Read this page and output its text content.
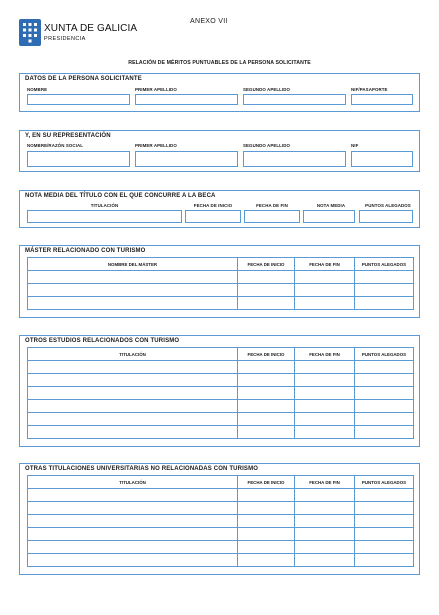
XUNTA DE GALICIA
PRESIDENCIA
ANEXO VII
RELACIÓN DE MÉRITOS PUNTUABLES DE LA PERSONA SOLICITANTE
DATOS DE LA PERSONA SOLICITANTE
NOMBRE	PRIMER APELLIDO	SEGUNDO APELLIDO	NIF/PASAPORTE
Y, EN SU REPRESENTACIÓN
NOMBRE/RAZÓN SOCIAL	PRIMER APELLIDO	SEGUNDO APELLIDO	NIF
NOTA MEDIA DEL TÍTULO CON EL QUE CONCURRE A LA BECA
TITULACIÓN	FECHA DE INICIO	FECHA DE FIN	NOTA MEDIA	PUNTOS ALEGADOS
MÁSTER RELACIONADO CON TURISMO
NOMBRE DEL MÁSTER	FECHA DE INICIO	FECHA DE FIN	PUNTOS ALEGADOS

OTROS ESTUDIOS RELACIONADOS CON TURISMO
TITULACIÓN	FECHA DE INICIO	FECHA DE FIN	PUNTOS ALEGADOS

OTRAS TITULACIONES UNIVERSITARIAS NO RELACIONADAS CON TURISMO
TITULACIÓN	FECHA DE INICIO	FECHA DE FIN	PUNTOS ALEGADOS
